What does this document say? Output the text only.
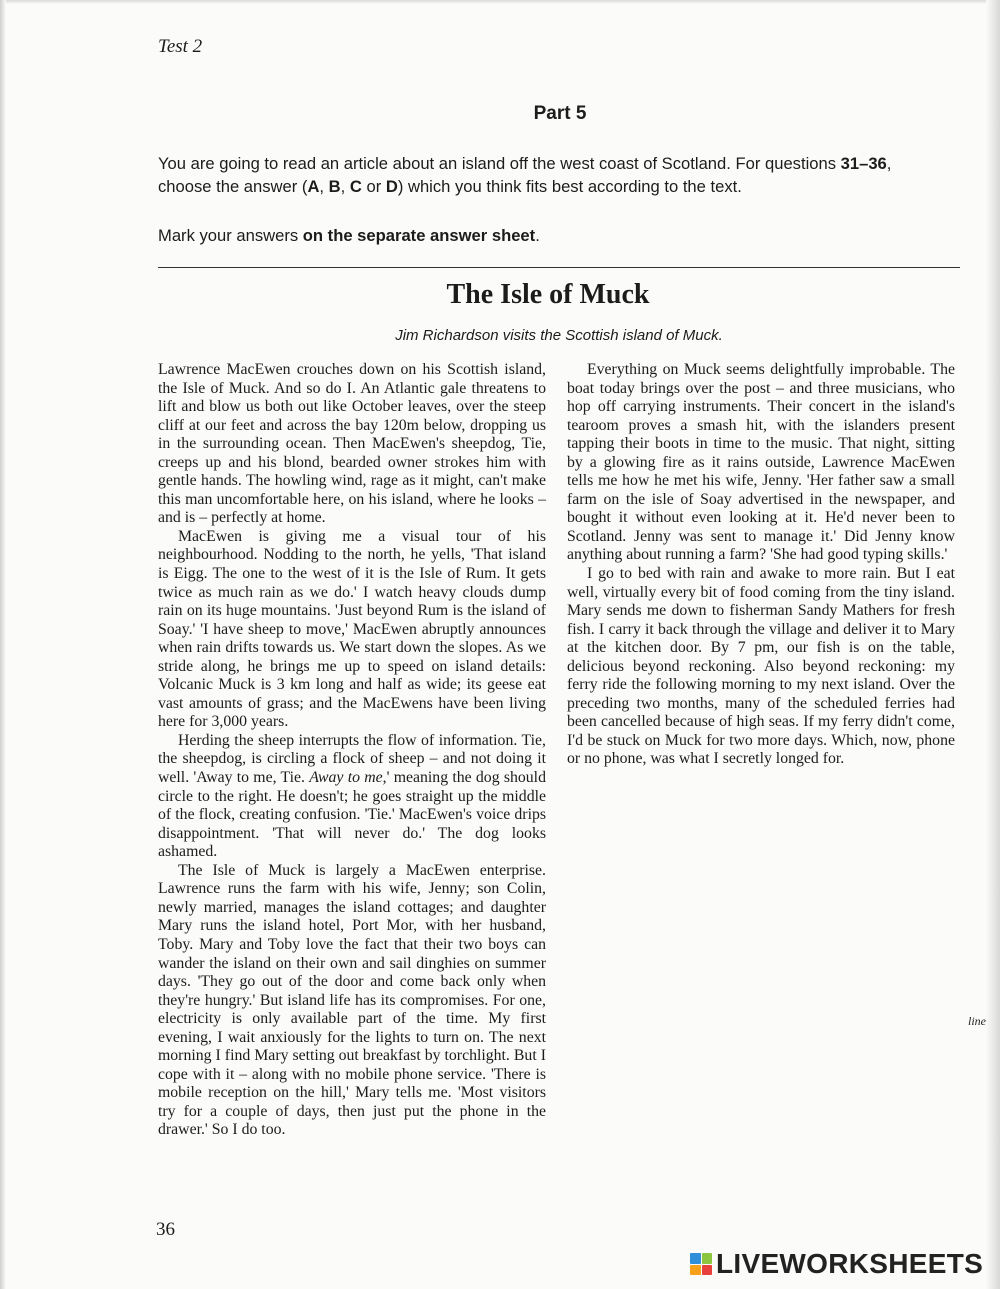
Test 2
Part 5

You are going to read an article about an island off the west coast of Scotland. For questions 31–36,

choose the answer (A, B, C or D) which you think fits best according to the text.

Mark your answers on the separate answer sheet.
The Isle of Muck
Jim Richardson visits the Scottish island of Muck.

Lawrence MacEwen crouches down on his Scottish island, the Isle of Muck. And so do I. An Atlantic gale threatens to lift and blow us both out like October leaves, over the steep cliff at our feet and across the bay 120m below, dropping us in the surrounding ocean. Then MacEwen's sheepdog, Tie, creeps up and his blond, bearded owner strokes him with gentle hands. The howling wind, rage as it might, can't make this man uncomfortable here, on his island, where he looks – and is – perfectly at home.

MacEwen is giving me a visual tour of his neighbourhood. Nodding to the north, he yells, 'That island is Eigg. The one to the west of it is the Isle of Rum. It gets twice as much rain as we do.' I watch heavy clouds dump rain on its huge mountains. 'Just beyond Rum is the island of Soay.' 'I have sheep to move,' MacEwen abruptly announces when rain drifts towards us. We start down the slopes. As we stride along, he brings me up to speed on island details: Volcanic Muck is 3 km long and half as wide; its geese eat vast amounts of grass; and the MacEwens have been living here for 3,000 years.

Herding the sheep interrupts the flow of information. Tie, the sheepdog, is circling a flock of sheep – and not doing it well. 'Away to me, Tie. Away to me,' meaning the dog should circle to the right. He doesn't; he goes straight up the middle of the flock, creating confusion. 'Tie.' MacEwen's voice drips disappointment. 'That will never do.' The dog looks ashamed.

The Isle of Muck is largely a MacEwen enterprise. Lawrence runs the farm with his wife, Jenny; son Colin, newly married, manages the island cottages; and daughter Mary runs the island hotel, Port Mor, with her husband, Toby. Mary and Toby love the fact that their two boys can wander the island on their own and sail dinghies on summer days. 'They go out of the door and come back only when they're hungry.' But island life has its compromises. For one, electricity is only available part of the time. My first evening, I wait anxiously for the lights to turn on. The next morning I find Mary setting out breakfast by torchlight. But I cope with it – along with no mobile phone service. 'There is mobile reception on the hill,' Mary tells me. 'Most visitors try for a couple of days, then just put the phone in the drawer.' So I do too.

Everything on Muck seems delightfully improbable. The boat today brings over the post – and three musicians, who hop off carrying instruments. Their concert in the island's tearoom proves a smash hit, with the islanders present tapping their boots in time to the music. That night, sitting by a glowing fire as it rains outside, Lawrence MacEwen tells me how he met his wife, Jenny. 'Her father saw a small farm on the isle of Soay advertised in the newspaper, and bought it without even looking at it. He'd never been to Scotland. Jenny was sent to manage it.' Did Jenny know anything about running a farm? 'She had good typing skills.'

I go to bed with rain and awake to more rain. But I eat well, virtually every bit of food coming from the tiny island. Mary sends me down to fisherman Sandy Mathers for fresh fish. I carry it back through the village and deliver it to Mary at the kitchen door. By 7 pm, our fish is on the table, delicious beyond reckoning. Also beyond reckoning: my ferry ride the following morning to my next island. Over the preceding two months, many of the scheduled ferries had been cancelled because of high seas. If my ferry didn't come, I'd be stuck on Muck for two more days. Which, now, phone or no phone, was what I secretly longed for.

line
36
LIVEWORKSHEETS
